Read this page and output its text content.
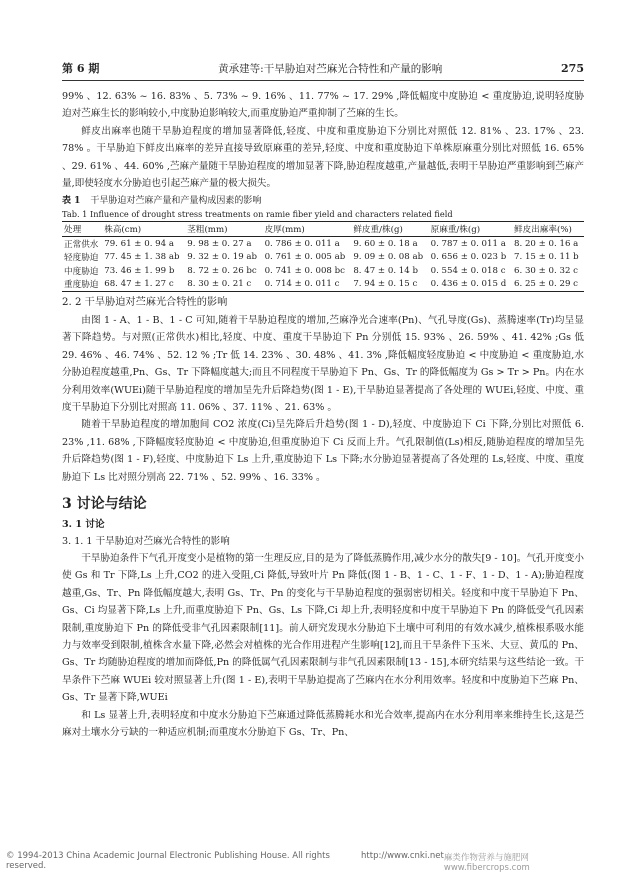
第 6 期	黄承建等:干旱胁迫对苎麻光合特性和产量的影响	275

99% 、12. 63% ~ 16. 83% 、5. 73% ~ 9. 16% 、11. 77% ~ 17. 29% ,降低幅度中度胁迫 < 重度胁迫,说明轻度胁迫对苎麻生长的影响较小,中度胁迫影响较大,而重度胁迫严重抑制了苎麻的生长。

鲜皮出麻率也随干旱胁迫程度的增加显著降低,轻度、中度和重度胁迫下分别比对照低 12. 81% 、23. 17% 、23. 78% 。干旱胁迫下鲜皮出麻率的差异直接导致原麻重的差异,轻度、中度和重度胁迫下单株原麻重分别比对照低 16. 65% 、29. 61% 、44. 60% ,苎麻产量随干旱胁迫程度的增加显著下降,胁迫程度越重,产量越低,表明干旱胁迫严重影响到苎麻产量,即使轻度水分胁迫也引起苎麻产量的极大损失。

表 1 干旱胁迫对苎麻产量和产量构成因素的影响
Tab. 1 Influence of drought stress treatments on ramie fiber yield and characters related field
处理	株高(cm)	茎粗(mm)	皮厚(mm)	鲜皮重/株(g)	原麻重/株(g)	鲜皮出麻率(%)
正常供水	79. 61 ± 0. 94 a	9. 98 ± 0. 27 a	0. 786 ± 0. 011 a	9. 60 ± 0. 18 a	0. 787 ± 0. 011 a	8. 20 ± 0. 16 a
轻度胁迫	77. 45 ± 1. 38 ab	9. 32 ± 0. 19 ab	0. 761 ± 0. 005 ab	9. 09 ± 0. 08 ab	0. 656 ± 0. 023 b	7. 15 ± 0. 11 b
中度胁迫	73. 46 ± 1. 99 b	8. 72 ± 0. 26 bc	0. 741 ± 0. 008 bc	8. 47 ± 0. 14 b	0. 554 ± 0. 018 c	6. 30 ± 0. 32 c
重度胁迫	68. 47 ± 1. 27 c	8. 30 ± 0. 21 c	0. 714 ± 0. 011 c	7. 94 ± 0. 15 c	0. 436 ± 0. 015 d	6. 25 ± 0. 29 c
2. 2 干旱胁迫对苎麻光合特性的影响

由图 1 - A、1 - B、1 - C 可知,随着干旱胁迫程度的增加,苎麻净光合速率(Pn)、气孔导度(Gs)、蒸腾速率(Tr)均呈显著下降趋势。与对照(正常供水)相比,轻度、中度、重度干旱胁迫下 Pn 分别低 15. 93% 、26. 59% 、41. 42% ;Gs 低 29. 46% 、46. 74% 、52. 12 % ;Tr 低 14. 23% 、30. 48% 、41. 3% ,降低幅度轻度胁迫 < 中度胁迫 < 重度胁迫,水分胁迫程度越重,Pn、Gs、Tr 下降幅度越大;而且不同程度干旱胁迫下 Pn、Gs、Tr 的降低幅度为 Gs > Tr > Pn。内在水分利用效率(WUEi)随干旱胁迫程度的增加呈先升后降趋势(图 1 - E),干旱胁迫显著提高了各处理的 WUEi,轻度、中度、重度干旱胁迫下分别比对照高 11. 06% 、37. 11% 、21. 63% 。

随着干旱胁迫程度的增加胞间 CO2 浓度(Ci)呈先降后升趋势(图 1 - D),轻度、中度胁迫下 Ci 下降,分别比对照低 6. 23% ,11. 68% ,下降幅度轻度胁迫 < 中度胁迫,但重度胁迫下 Ci 反而上升。气孔限制值(Ls)相反,随胁迫程度的增加呈先升后降趋势(图 1 - F),轻度、中度胁迫下 Ls 上升,重度胁迫下 Ls 下降;水分胁迫显著提高了各处理的 Ls,轻度、中度、重度胁迫下 Ls 比对照分别高 22. 71% 、52. 99% 、16. 33% 。

3 讨论与结论
3. 1 讨论
3. 1. 1 干旱胁迫对苎麻光合特性的影响

干旱胁迫条件下气孔开度变小是植物的第一生理反应,目的是为了降低蒸腾作用,减少水分的散失[9 - 10]。气孔开度变小使 Gs 和 Tr 下降,Ls 上升,CO2 的进入受阻,Ci 降低,导致叶片 Pn 降低(图 1 - B、1 - C、1 - F、1 - D、1 - A);胁迫程度越重,Gs、Tr、Pn 降低幅度越大,表明 Gs、Tr、Pn 的变化与干旱胁迫程度的强弱密切相关。轻度和中度干旱胁迫下 Pn、Gs、Ci 均显著下降,Ls 上升,而重度胁迫下 Pn、Gs、Ls 下降,Ci 却上升,表明轻度和中度干旱胁迫下 Pn 的降低受气孔因素限制,重度胁迫下 Pn 的降低受非气孔因素限制[11]。前人研究发现水分胁迫下土壤中可利用的有效水减少,植株根系吸水能力与效率受到限制,植株含水量下降,必然会对植株的光合作用进程产生影响[12],而且干旱条件下玉米、大豆、黄瓜的 Pn、Gs、Tr 均随胁迫程度的增加而降低,Pn 的降低属气孔因素限制与非气孔因素限制[13 - 15],本研究结果与这些结论一致。干旱条件下苎麻 WUEi 较对照显著上升(图 1 - E),表明干旱胁迫提高了苎麻内在水分利用效率。轻度和中度胁迫下苎麻 Pn、Gs、Tr 显著下降,WUEi

和 Ls 显著上升,表明轻度和中度水分胁迫下苎麻通过降低蒸腾耗水和光合效率,提高内在水分利用率来维持生长,这是苎麻对土壤水分亏缺的一种适应机制;而重度水分胁迫下 Gs、Tr、Pn、

© 1994-2013 China Academic Journal Electronic Publishing House. All rights reserved.
http://www.cnki.net 麻类作物营养与施肥网 www.fibercrops.com
